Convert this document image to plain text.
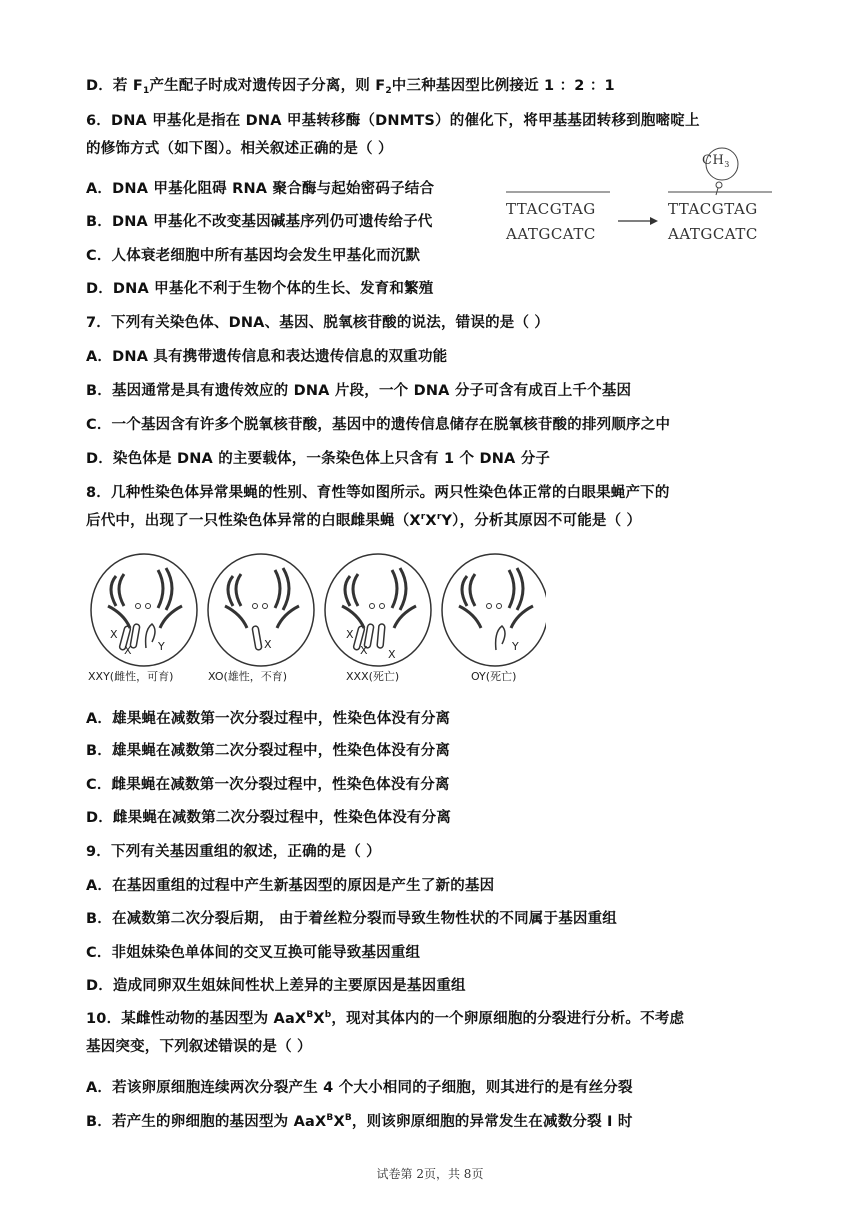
D．若 $F_1$产生配子时成对遗传因子分离，则 $F_2$中三种基因型比例接近 1 ：2 ：1
6．DNA 甲基化是指在 DNA 甲基转移酶（DNMTS）的催化下，将甲基基团转移到胞嘧啶上
的修饰方式（如下图）。相关叙述正确的是（ ）
A．DNA 甲基化阻碍 RNA 聚合酶与起始密码子结合
B．DNA 甲基化不改变基因碱基序列仍可遗传给子代
C．人体衰老细胞中所有基因均会发生甲基化而沉默
D．DNA 甲基化不利于生物个体的生长、发育和繁殖
$CH_3$
TTACGTAG
AATGCATC
TTACGTAG
AATGCATC
7．下列有关染色体、DNA、基因、脱氧核苷酸的说法，错误的是（ ）
A．DNA 具有携带遗传信息和表达遗传信息的双重功能
B．基因通常是具有遗传效应的 DNA 片段，一个 DNA 分子可含有成百上千个基因
C．一个基因含有许多个脱氧核苷酸，基因中的遗传信息储存在脱氧核苷酸的排列顺序之中
D．染色体是 DNA 的主要载体，一条染色体上只含有 1 个 DNA 分子
8．几种性染色体异常果蝇的性别、育性等如图所示。两只性染色体正常的白眼果蝇产下的
后代中，出现了一只性染色体异常的白眼雌果蝇$(X^rX^rY)$，分析其原因不可能是（ ）
X
X Y	X
X
X X
Y
XXY(雌性，可育)	XO(雄性，不育)	XXX(死亡)	OY(死亡)
A．雄果蝇在减数第一次分裂过程中，性染色体没有分离
B．雄果蝇在减数第二次分裂过程中，性染色体没有分离
C．雌果蝇在减数第一次分裂过程中，性染色体没有分离
D．雌果蝇在减数第二次分裂过程中，性染色体没有分离
9．下列有关基因重组的叙述，正确的是（ ）
A．在基因重组的过程中产生新基因型的原因是产生了新的基因
B．在减数第二次分裂后期， 由于着丝粒分裂而导致生物性状的不同属于基因重组
C．非姐妹染色单体间的交叉互换可能导致基因重组
D．造成同卵双生姐妹间性状上差异的主要原因是基因重组
10．某雌性动物的基因型为 $AaX^BX^b$，现对其体内的一个卵原细胞的分裂进行分析。不考虑
基因突变，下列叙述错误的是（ ）
A．若该卵原细胞连续两次分裂产生 4 个大小相同的子细胞，则其进行的是有丝分裂
B．若产生的卵细胞的基因型为 $AaX^BX^B$，则该卵原细胞的异常发生在减数分裂 I 时
试卷第 2页，共 8页
